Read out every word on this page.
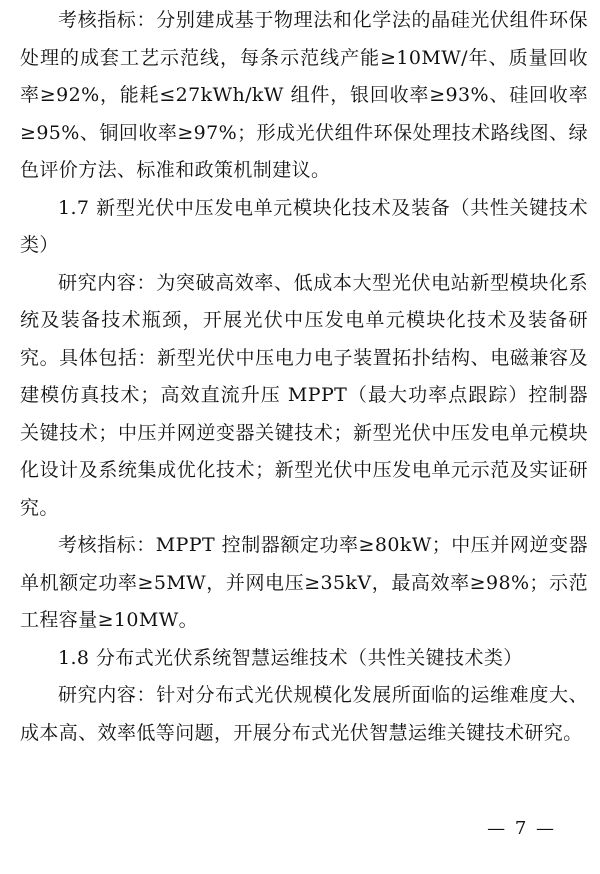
考核指标：分别建成基于物理法和化学法的晶硅光伏组件环保处理的成套工艺示范线，每条示范线产能≥10MW/年、质量回收率≥92%，能耗≤27kWh/kW 组件，银回收率≥93%、硅回收率≥95%、铜回收率≥97%；形成光伏组件环保处理技术路线图、绿色评价方法、标准和政策机制建议。

1.7 新型光伏中压发电单元模块化技术及装备（共性关键技术类）

研究内容：为突破高效率、低成本大型光伏电站新型模块化系统及装备技术瓶颈，开展光伏中压发电单元模块化技术及装备研究。具体包括：新型光伏中压电力电子装置拓扑结构、电磁兼容及建模仿真技术；高效直流升压 MPPT（最大功率点跟踪）控制器关键技术；中压并网逆变器关键技术；新型光伏中压发电单元模块化设计及系统集成优化技术；新型光伏中压发电单元示范及实证研究。

考核指标：MPPT 控制器额定功率≥80kW；中压并网逆变器单机额定功率≥5MW，并网电压≥35kV，最高效率≥98%；示范工程容量≥10MW。

1.8 分布式光伏系统智慧运维技术（共性关键技术类）

研究内容：针对分布式光伏规模化发展所面临的运维难度大、成本高、效率低等问题，开展分布式光伏智慧运维关键技术研究。

— 7 —
